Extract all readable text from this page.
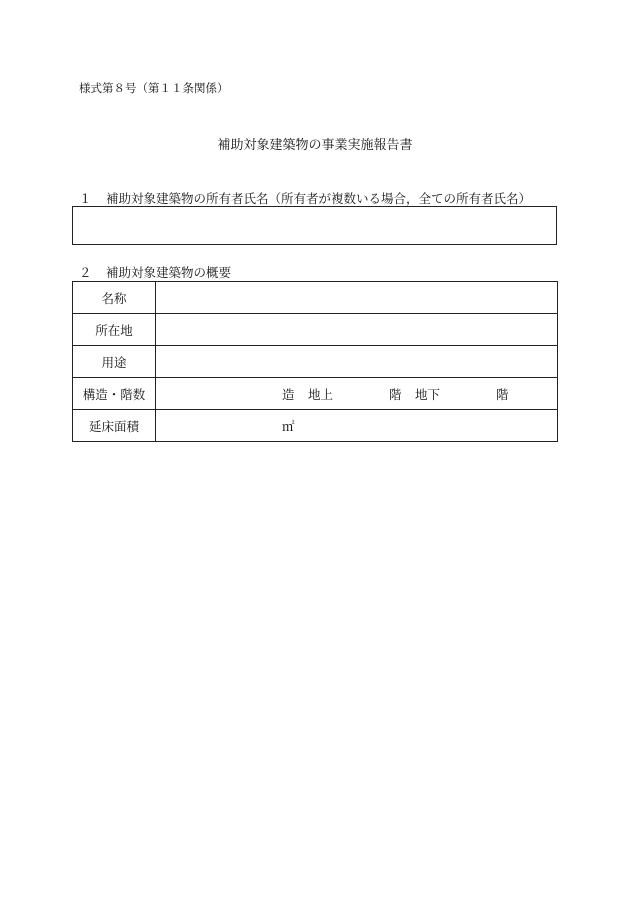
様式第８号（第１１条関係）
補助対象建築物の事業実施報告書
１ 補助対象建築物の所有者氏名（所有者が複数いる場合，全ての所有者氏名）
２ 補助対象建築物の概要
名称	
所在地	
用途	
構造・階数	造 地上 階 地下 階

延床面積	㎡
